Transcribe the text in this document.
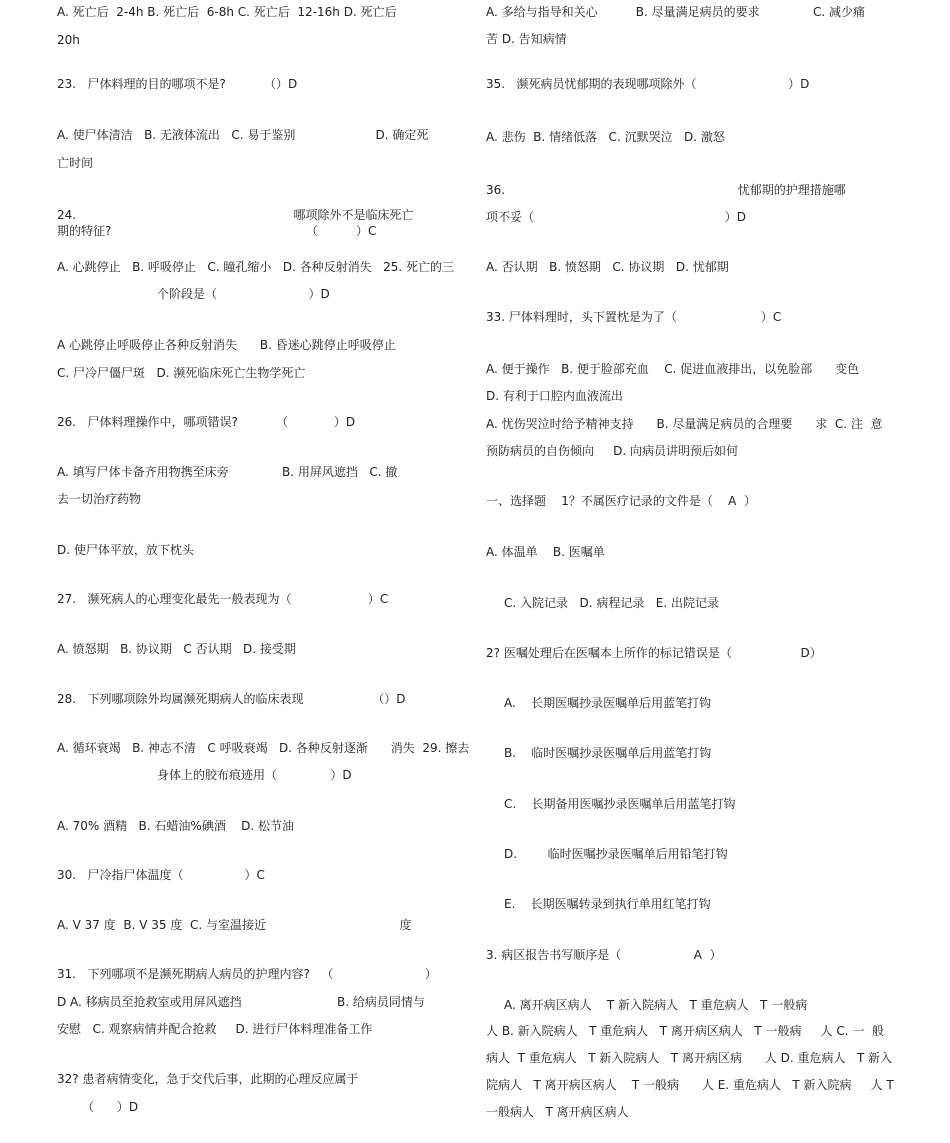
A. 死亡后  2-4h B. 死亡后  6-8h C. 死亡后  12-16h D. 死亡后
20h
23.   尸体料理的目的哪项不是?          （）D
A. 使尸体清洁   B. 无液体流出   C. 易于鉴别                     D. 确定死
亡时间
24.                                                         哪项除外不是临床死亡
期的特征?                                                   （          ）C
A. 心跳停止   B. 呼吸停止   C. 瞳孔缩小   D. 各种反射消失   25. 死亡的三
个阶段是（                        ）D
A 心跳停止呼吸停止各种反射消失      B. 昏迷心跳停止呼吸停止
C. 尸冷尸僵尸斑   D. 濒死临床死亡生物学死亡
26.   尸体料理操作中，哪项错误?          （            ）D
A. 填写尸体卡备齐用物携至床旁              B. 用屏风遮挡   C. 撤
去一切治疗药物
D. 使尸体平放，放下枕头
27.   濒死病人的心理变化最先一般表现为（                    ）C
A. 愤怒期   B. 协议期   C 否认期   D. 接受期
28.   下列哪项除外均属濒死期病人的临床表现                  （）D
A. 循环衰竭   B. 神志不清   C 呼吸衰竭   D. 各种反射逐渐      消失  29. 擦去
身体上的胶布痕迹用（              ）D
A. 70% 酒精   B. 石蜡油%碘酒    D. 松节油
30.   尸冷指尸体温度（                ）C
A. V 37 度  B. V 35 度  C. 与室温接近                                   度
31.   下列哪项不是濒死期病人病员的护理内容?   （                        ）
D A. 移病员至抢救室或用屏风遮挡                         B. 给病员同情与
安慰   C. 观察病情并配合抢救     D. 进行尸体料理准备工作
32? 患者病情变化，急于交代后事，此期的心理反应属于
（      ）D
A. 多给与指导和关心          B. 尽量满足病员的要求              C. 减少痛
苦 D. 告知病情
35.   濒死病员忧郁期的表现哪项除外（                        ）D
A. 悲伤  B. 情绪低落   C. 沉默哭泣   D. 激怒
36.                                                             忧郁期的护理措施哪
项不妥（                                                  ）D
A. 否认期   B. 愤怒期   C. 协议期   D. 忧郁期
33. 尸体料理时，头下置枕是为了（                      ）C
A. 便于操作   B. 便于脸部充血    C. 促进血液排出，以免脸部      变色
D. 有利于口腔内血液流出
A. 忧伤哭泣时给予精神支持      B. 尽量满足病员的合理要      求  C. 注  意
预防病员的自伤倾向     D. 向病员讲明预后如何
一、选择题    1？不属医疗记录的文件是（    A  ）
A. 体温单    B. 医嘱单
C. 入院记录   D. 病程记录   E. 出院记录
2? 医嘱处理后在医嘱本上所作的标记错误是（                  D）
A.    长期医嘱抄录医嘱单后用蓝笔打钩
B.    临时医嘱抄录医嘱单后用蓝笔打钩
C.    长期备用医嘱抄录医嘱单后用蓝笔打钩
D.        临时医嘱抄录医嘱单后用铅笔打钩
E.    长期医嘱转录到执行单用红笔打钩
3. 病区报告书写顺序是（                   A  ）
A. 离开病区病人    T 新入院病人   T 重危病人   T 一般病
人 B. 新入院病人   T 重危病人   T 离开病区病人   T 一般病     人 C. 一  般
病人  T 重危病人   T 新入院病人   T 离开病区病      人 D. 重危病人   T 新入
院病人   T 离开病区病人    T 一般病      人 E. 重危病人   T 新入院病     人 T
一般病人   T 离开病区病人
